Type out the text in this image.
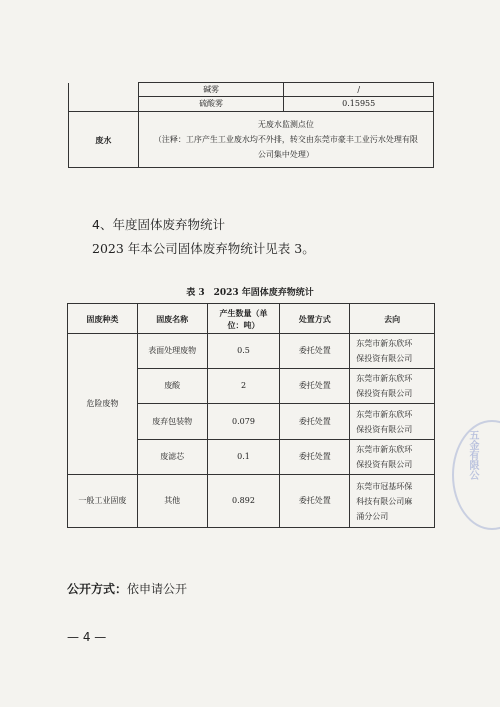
	碱雾	/
	硫酸雾	0.15955
废水	无废水监测点位
（注释：工序产生工业废水均不外排，转交由东莞市豪丰工业污水处理有限
公司集中处理）	
4、年度固体废弃物统计
2023 年本公司固体废弃物统计见表 3。
表 3　2023 年固体废弃物统计
固废种类	固废名称	产生数量（单
位：吨）	处置方式	去向
危险废物	表面处理废物	0.5	委托处置	东莞市新东欣环
保投资有限公司

	废酸	2	委托处置	东莞市新东欣环
保投资有限公司

	废弃包装物	0.079	委托处置	东莞市新东欣环
保投资有限公司

	废滤芯	0.1	委托处置	东莞市新东欣环
保投资有限公司

一般工业固废	其他	0.892	委托处置	东莞市冠基环保
科技有限公司麻
涌分公司
公开方式：依申请公开
— 4 —
五金有限公
